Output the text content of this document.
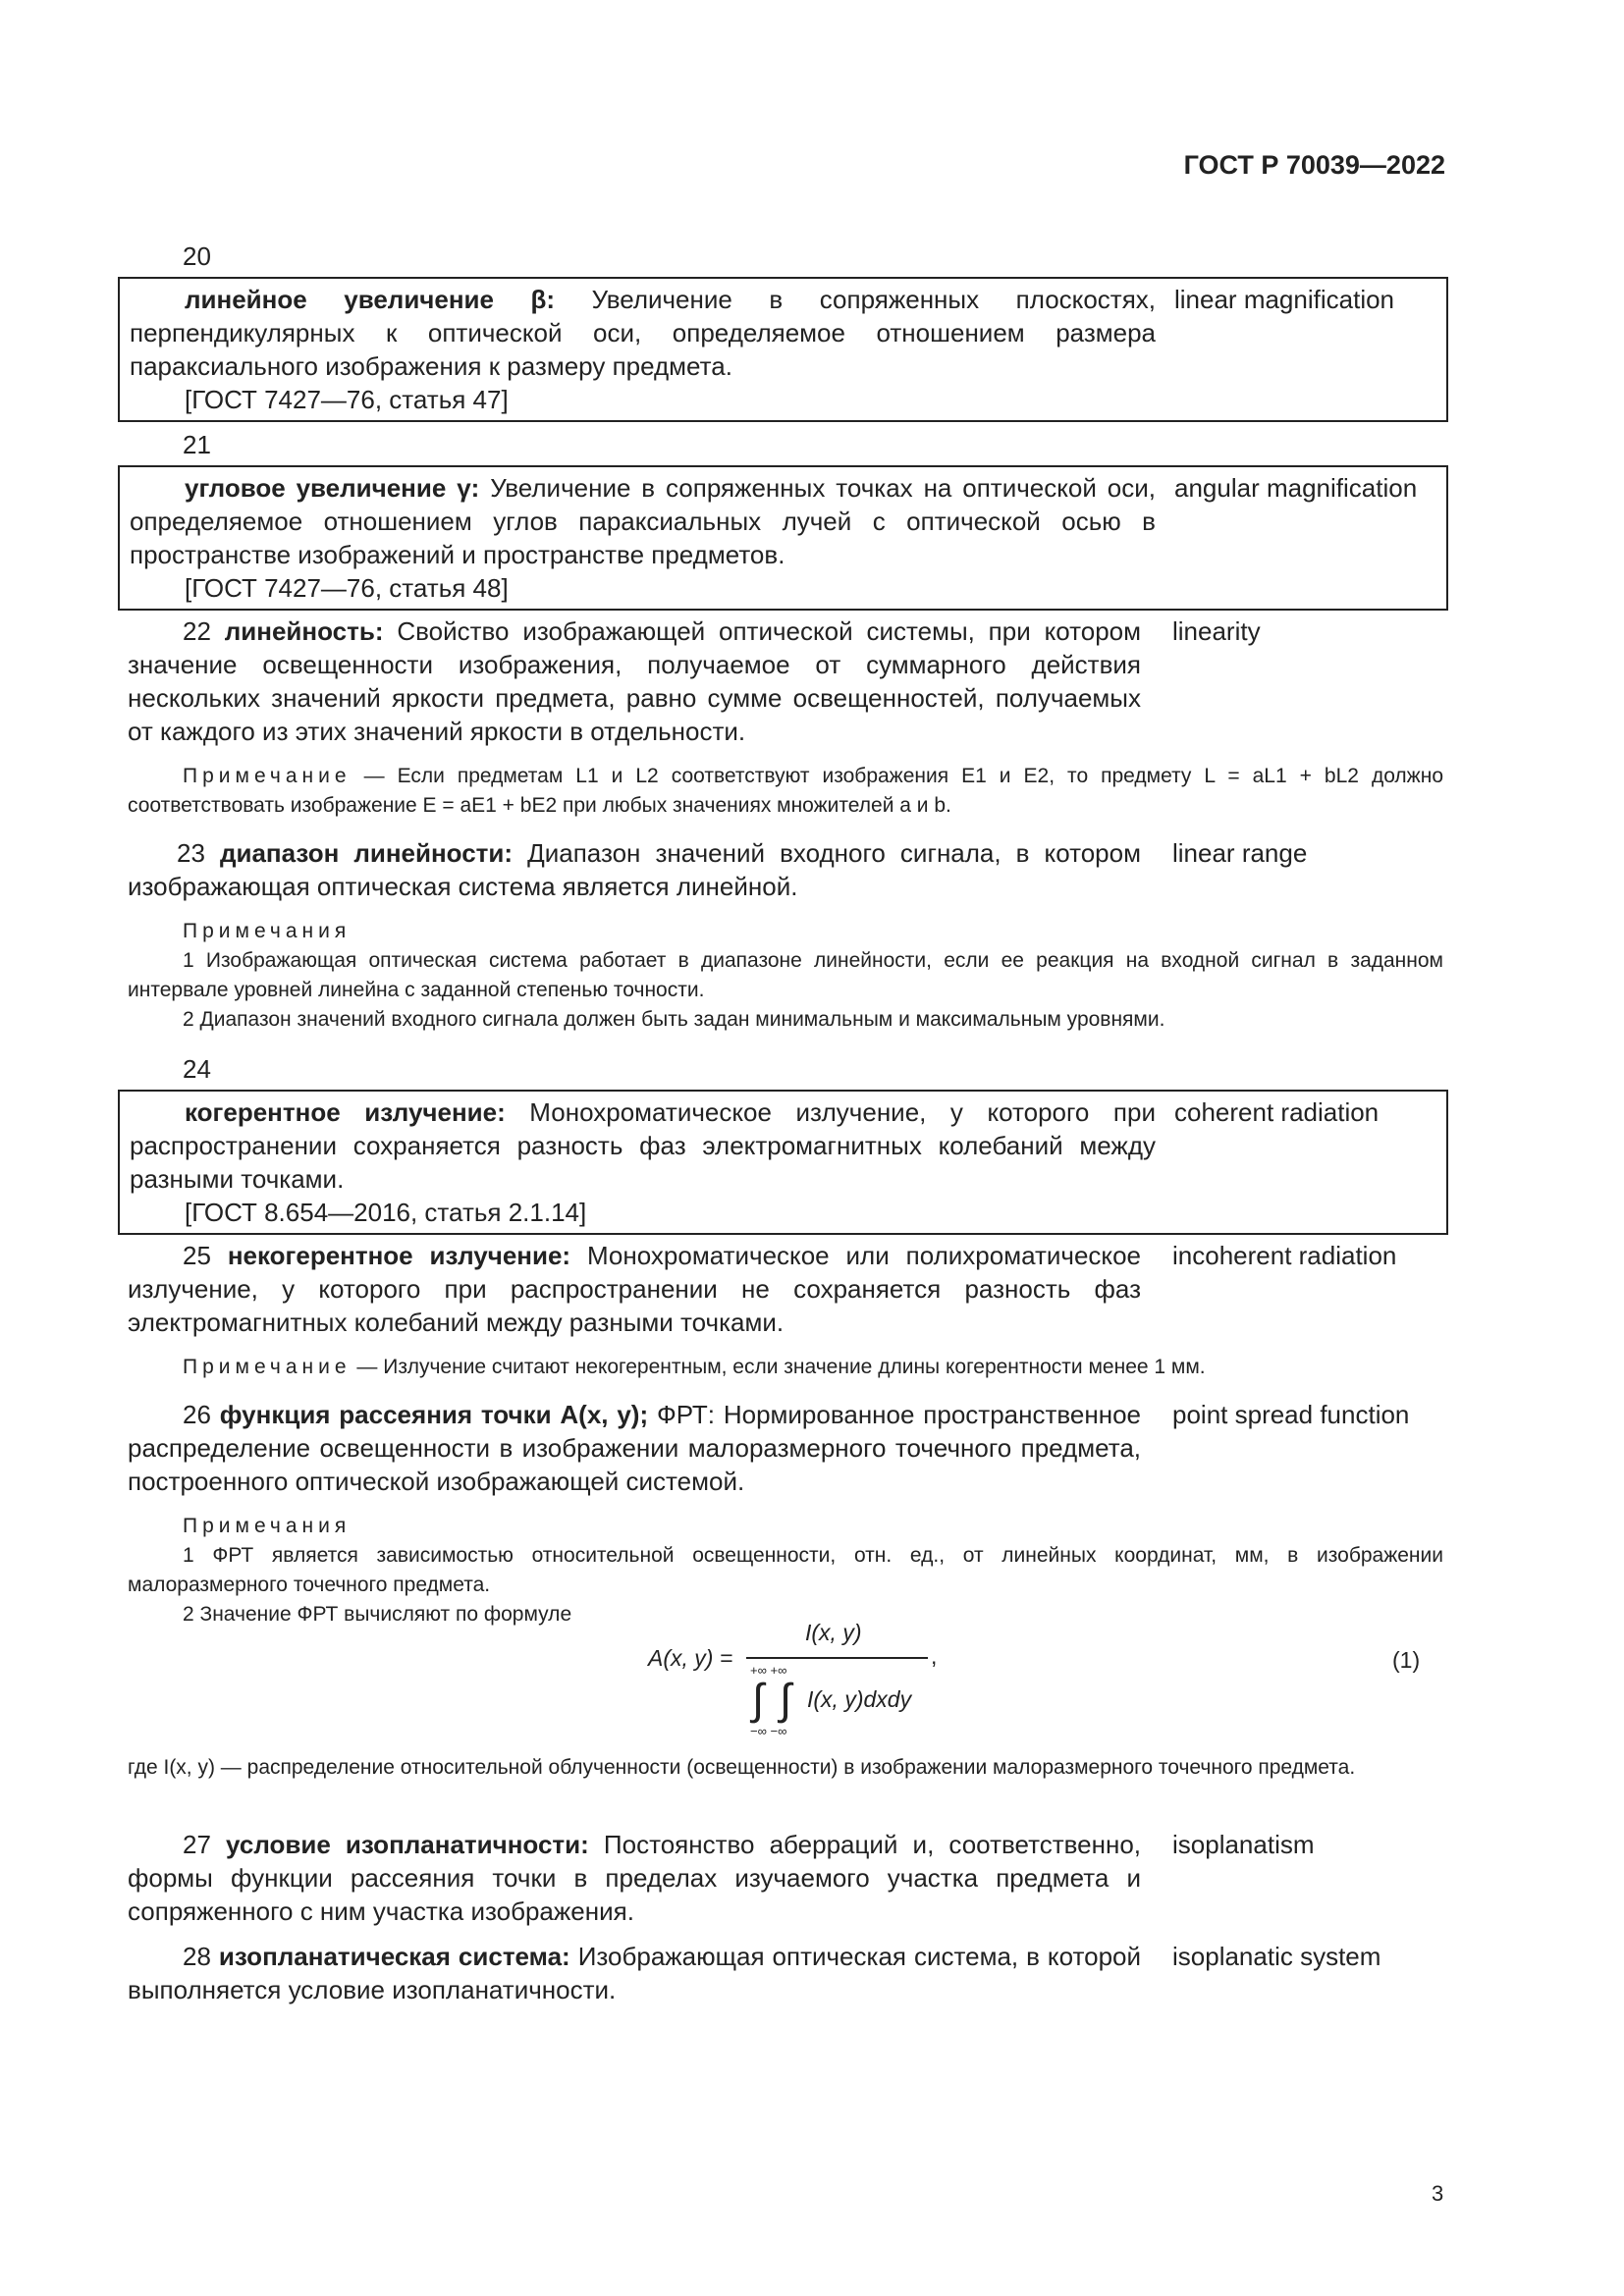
ГОСТ Р 70039—2022
20
линейное увеличение β: Увеличение в сопряженных плоскостях, перпендикулярных к оптической оси, определяемое отношением размера параксиального изображения к размеру предмета.
[ГОСТ 7427—76, статья 47]
linear magnification
21
угловое увеличение γ: Увеличение в сопряженных точках на оптической оси, определяемое отношением углов параксиальных лучей с оптической осью в пространстве изображений и пространстве предметов.
[ГОСТ 7427—76, статья 48]
angular magnification
22 линейность: Свойство изображающей оптической системы, при котором значение освещенности изображения, получаемое от суммарного действия нескольких значений яркости предмета, равно сумме освещенностей, получаемых от каждого из этих значений яркости в отдельности.
linearity
Примечание — Если предметам L1 и L2 соответствуют изображения E1 и E2, то предмету L = aL1 + bL2 должно соответствовать изображение E = aE1 + bE2 при любых значениях множителей a и b.
23 диапазон линейности: Диапазон значений входного сигнала, в котором изображающая оптическая система является линейной.
linear range
Примечания
1 Изображающая оптическая система работает в диапазоне линейности, если ее реакция на входной сигнал в заданном интервале уровней линейна с заданной степенью точности.
2 Диапазон значений входного сигнала должен быть задан минимальным и максимальным уровнями.
24
когерентное излучение: Монохроматическое излучение, у которого при распространении сохраняется разность фаз электромагнитных колебаний между разными точками.
[ГОСТ 8.654—2016, статья 2.1.14]
coherent radiation
25 некогерентное излучение: Монохроматическое или полихроматическое излучение, у которого при распространении не сохраняется разность фаз электромагнитных колебаний между разными точками.
incoherent radiation
Примечание — Излучение считают некогерентным, если значение длины когерентности менее 1 мм.
26 функция рассеяния точки A(x, y); ФРТ: Нормированное пространственное распределение освещенности в изображении малоразмерного точечного предмета, построенного оптической изображающей системой.
point spread function
Примечания
1 ФРТ является зависимостью относительной освещенности, отн. ед., от линейных координат, мм, в изображении малоразмерного точечного предмета.
2 Значение ФРТ вычисляют по формуле
A(x, y) =
I(x, y)
,
+∞ +∞
∫ ∫ I(x, y)dxdy
−∞ −∞
(1)
где I(x, y) — распределение относительной облученности (освещенности) в изображении малоразмерного точечного предмета.
27 условие изопланатичности: Постоянство аберраций и, соответственно, формы функции рассеяния точки в пределах изучаемого участка предмета и сопряженного с ним участка изображения.
isoplanatism
28 изопланатическая система: Изображающая оптическая система, в которой выполняется условие изопланатичности.
isoplanatic system
3
